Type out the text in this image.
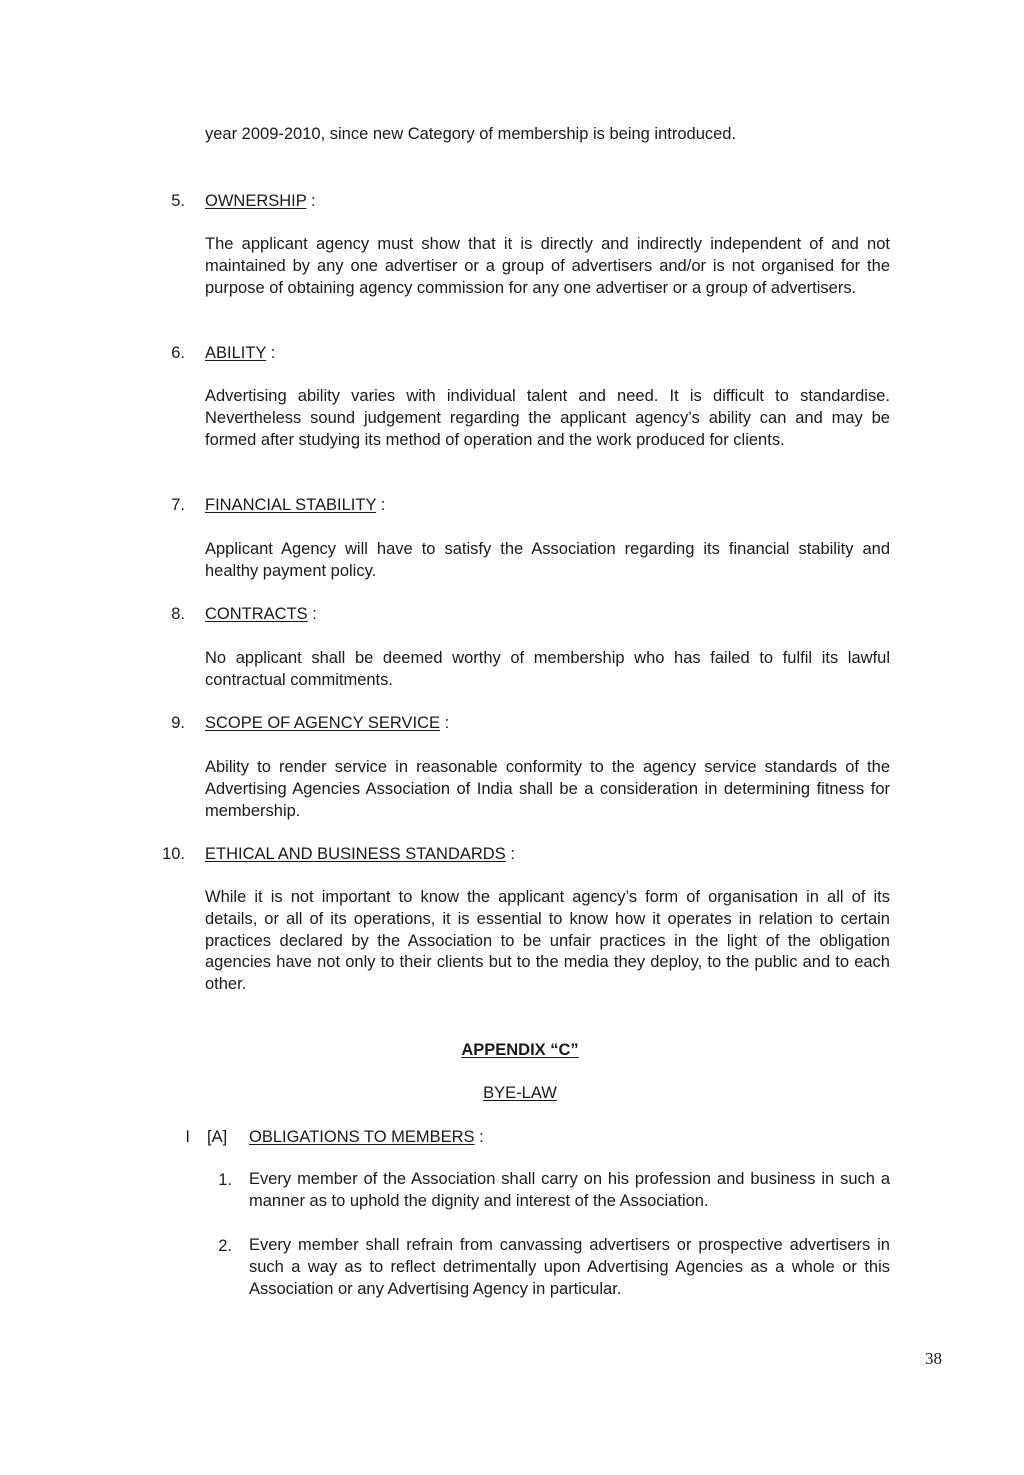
year 2009-2010, since new Category of membership is being introduced.

5. OWNERSHIP :

The applicant agency must show that it is directly and indirectly independent of and not maintained by any one advertiser or a group of advertisers and/or is not organised for the purpose of obtaining agency commission for any one advertiser or a group of advertisers.

6. ABILITY :

Advertising ability varies with individual talent and need. It is difficult to standardise. Nevertheless sound judgement regarding the applicant agency’s ability can and may be formed after studying its method of operation and the work produced for clients.

7. FINANCIAL STABILITY :

Applicant Agency will have to satisfy the Association regarding its financial stability and healthy payment policy.

8. CONTRACTS :

No applicant shall be deemed worthy of membership who has failed to fulfil its lawful contractual commitments.

9. SCOPE OF AGENCY SERVICE :

Ability to render service in reasonable conformity to the agency service standards of the Advertising Agencies Association of India shall be a consideration in determining fitness for membership.

10. ETHICAL AND BUSINESS STANDARDS :

While it is not important to know the applicant agency’s form of organisation in all of its details, or all of its operations, it is essential to know how it operates in relation to certain practices declared by the Association to be unfair practices in the light of the obligation agencies have not only to their clients but to the media they deploy, to the public and to each other.

APPENDIX “C”
BYE-LAW
I [A] OBLIGATIONS TO MEMBERS :
1. Every member of the Association shall carry on his profession and business in such a manner as to uphold the dignity and interest of the Association.

2. Every member shall refrain from canvassing advertisers or prospective advertisers in such a way as to reflect detrimentally upon Advertising Agencies as a whole or this Association or any Advertising Agency in particular.

38
